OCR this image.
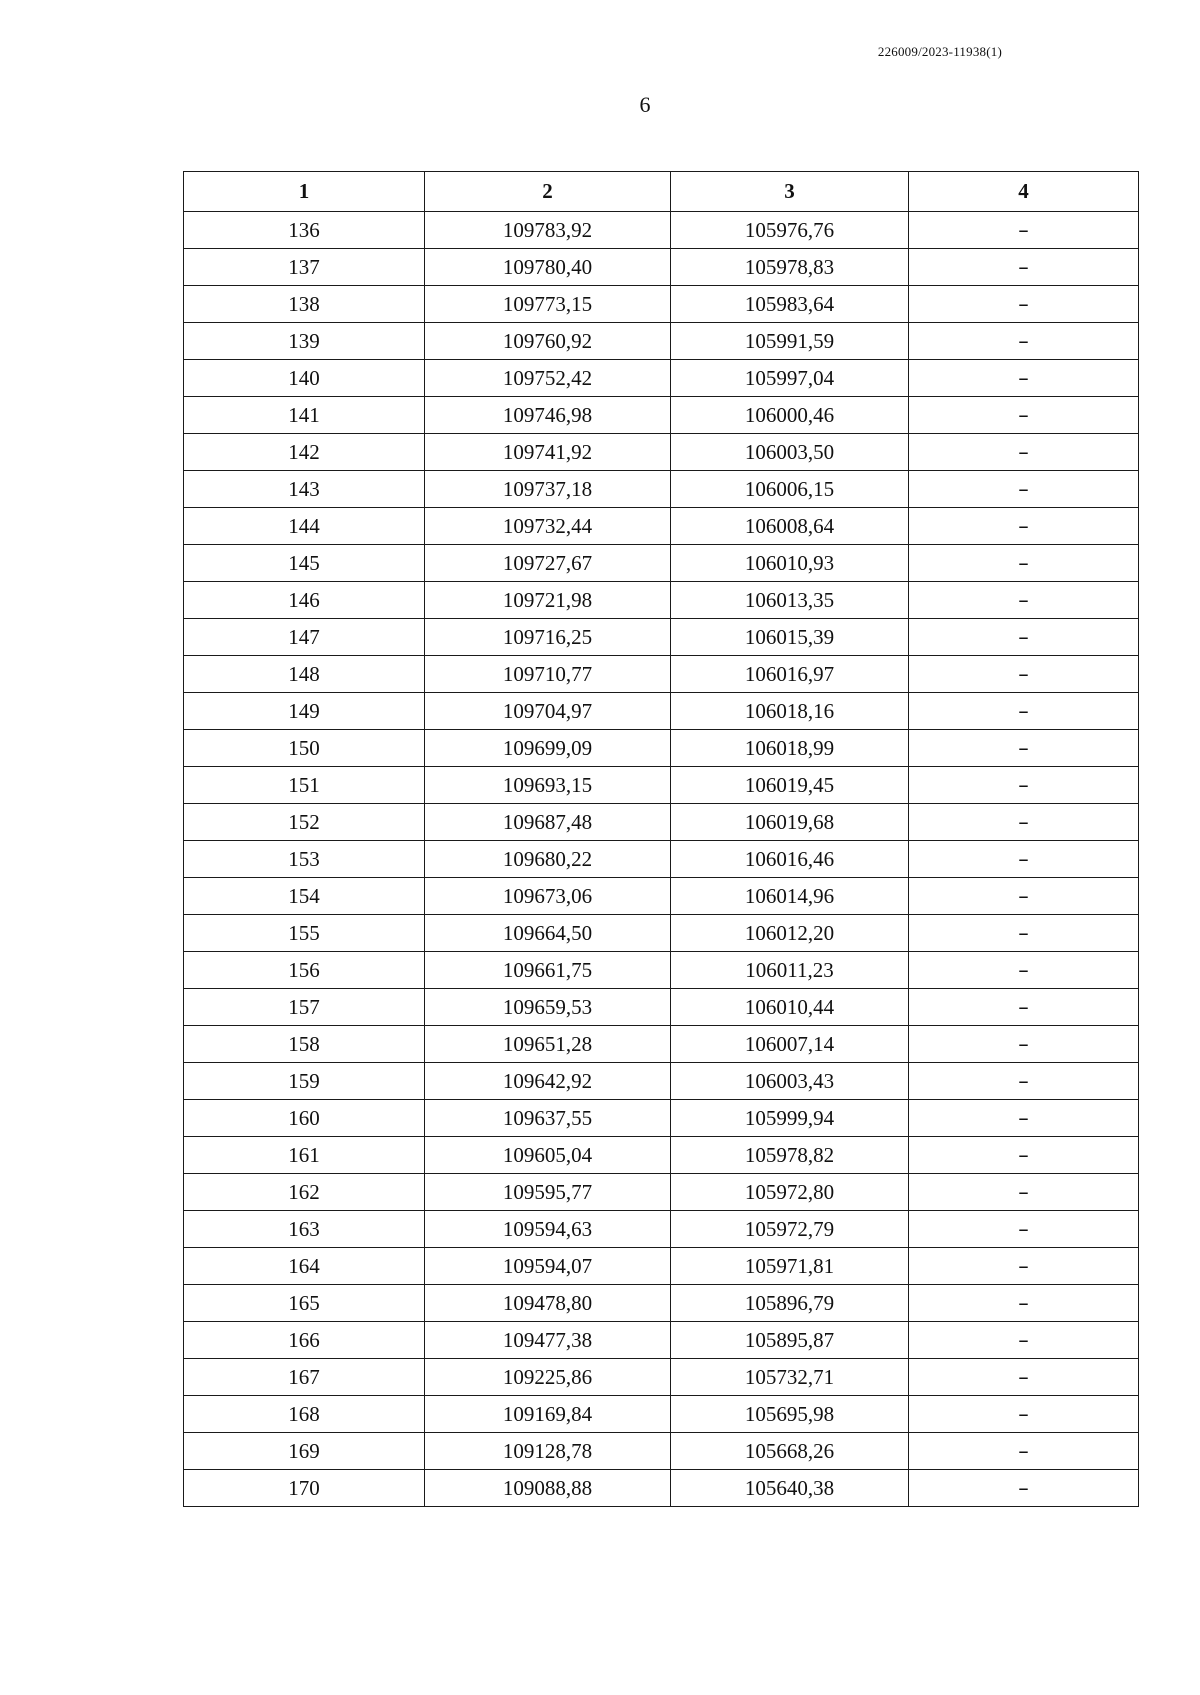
226009/2023-11938(1)
6
1	2	3	4
136	109783,92	105976,76	–
137	109780,40	105978,83	–
138	109773,15	105983,64	–
139	109760,92	105991,59	–
140	109752,42	105997,04	–
141	109746,98	106000,46	–
142	109741,92	106003,50	–
143	109737,18	106006,15	–
144	109732,44	106008,64	–
145	109727,67	106010,93	–
146	109721,98	106013,35	–
147	109716,25	106015,39	–
148	109710,77	106016,97	–
149	109704,97	106018,16	–
150	109699,09	106018,99	–
151	109693,15	106019,45	–
152	109687,48	106019,68	–
153	109680,22	106016,46	–
154	109673,06	106014,96	–
155	109664,50	106012,20	–
156	109661,75	106011,23	–
157	109659,53	106010,44	–
158	109651,28	106007,14	–
159	109642,92	106003,43	–
160	109637,55	105999,94	–
161	109605,04	105978,82	–
162	109595,77	105972,80	–
163	109594,63	105972,79	–
164	109594,07	105971,81	–
165	109478,80	105896,79	–
166	109477,38	105895,87	–
167	109225,86	105732,71	–
168	109169,84	105695,98	–
169	109128,78	105668,26	–
170	109088,88	105640,38	–
